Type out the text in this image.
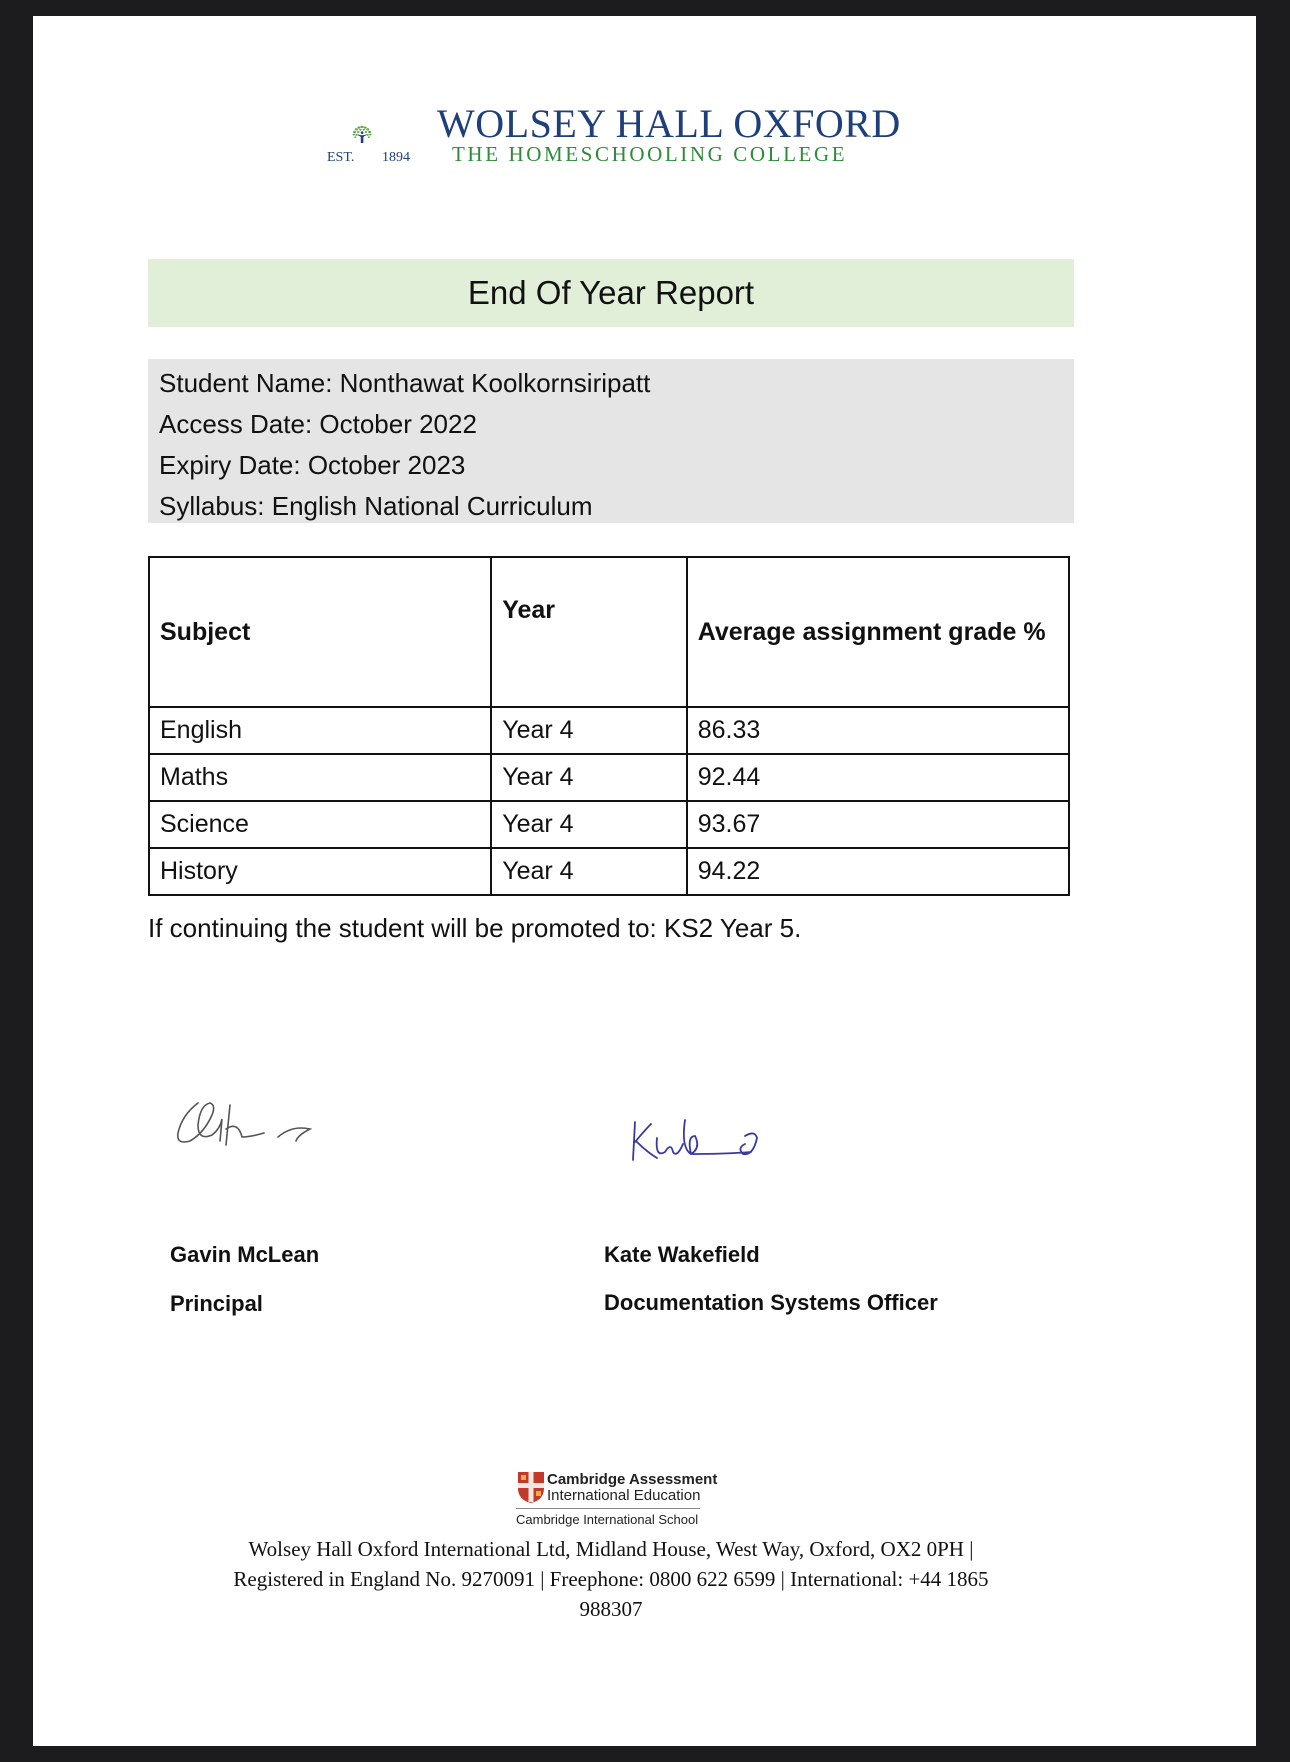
EST. 1894
WOLSEY HALL OXFORD
THE HOMESCHOOLING COLLEGE
End Of Year Report
Student Name: Nonthawat Koolkornsiripatt
Access Date: October 2022
Expiry Date: October 2023
Syllabus: English National Curriculum
Subject	Year	Average assignment grade %
English	Year 4	86.33
Maths	Year 4	92.44
Science	Year 4	93.67
History	Year 4	94.22
If continuing the student will be promoted to: KS2 Year 5.
Gavin McLean
Principal
Kate Wakefield
Documentation Systems Officer
Cambridge Assessment
International Education
Cambridge International School
Wolsey Hall Oxford International Ltd, Midland House, West Way, Oxford, OX2 0PH |
Registered in England No. 9270091 | Freephone: 0800 622 6599 | International: +44 1865
988307
